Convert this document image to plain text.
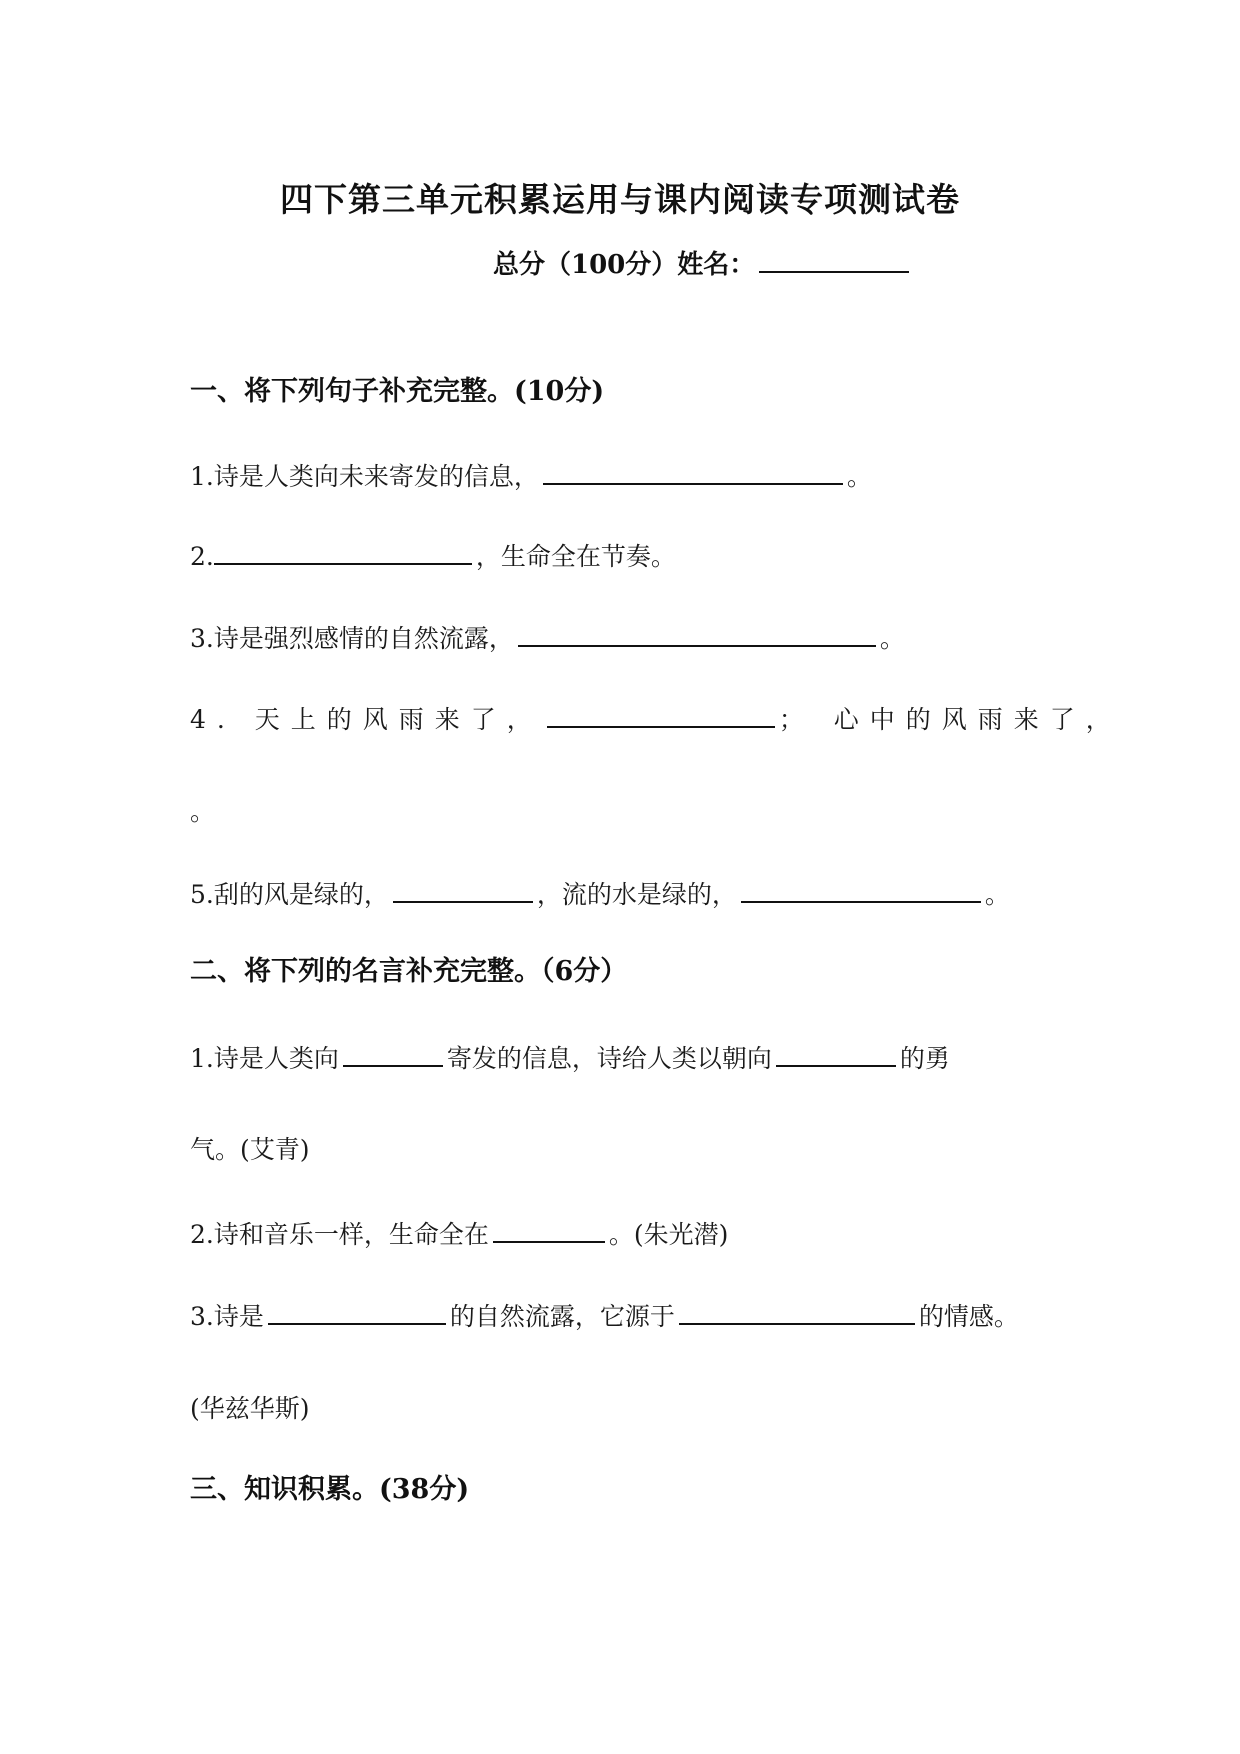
四下第三单元积累运用与课内阅读专项测试卷
总分（100分）姓名：
一、将下列句子补充完整。(10分)
1.诗是人类向未来寄发的信息，	。
2.	，生命全在节奏。
3.诗是强烈感情的自然流露，	。
4. 天上的风雨来了，	； 心中的风雨来了，
。
5.刮的风是绿的，	，流的水是绿的，	。
二、将下列的名言补充完整。（6分）
1.诗是人类向	寄发的信息，诗给人类以朝向	的勇
气。(艾青)
2.诗和音乐一样，生命全在	。(朱光潜)
3.诗是	的自然流露，它源于	的情感。
(华兹华斯)
三、知识积累。(38分)
